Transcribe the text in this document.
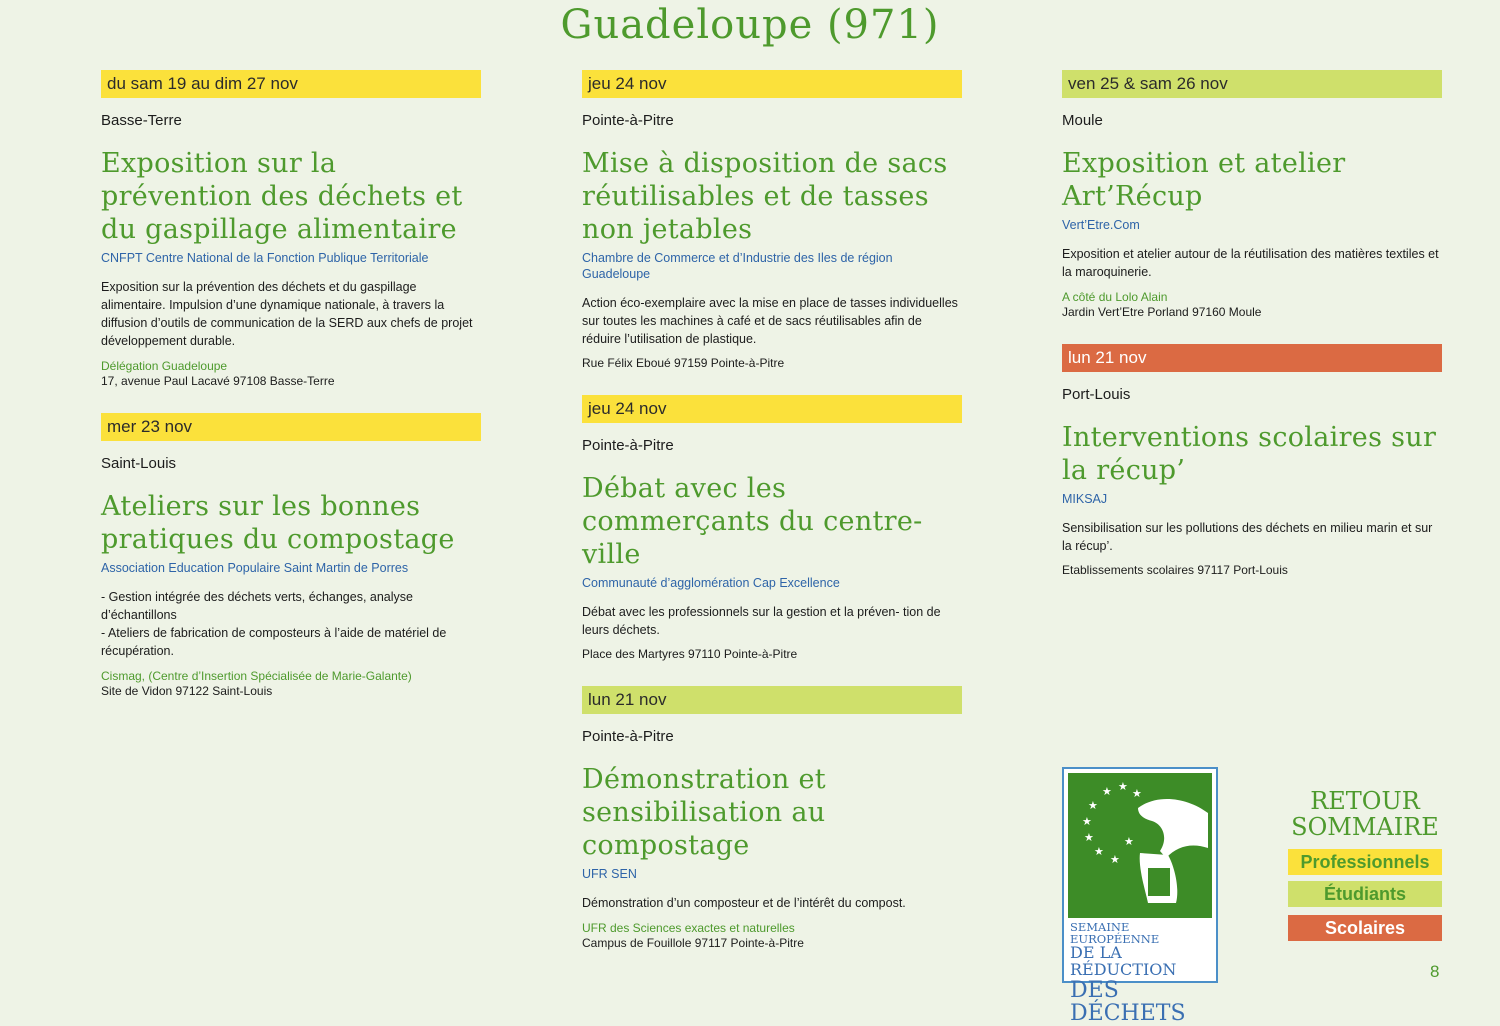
Guadeloupe (971)
du sam 19 au dim 27 nov
Basse-Terre
Exposition sur la prévention des déchets et du gaspillage alimentaire
CNFPT Centre National de la Fonction Publique Territoriale
Exposition sur la prévention des déchets et du gaspillage alimentaire. Impulsion d’une dynamique nationale, à travers la diffusion d’outils de communication de la SERD aux chefs de projet développement durable.
Délégation Guadeloupe
17, avenue Paul Lacavé 97108 Basse-Terre
mer 23 nov
Saint-Louis
Ateliers sur les bonnes pratiques du compostage
Association Education Populaire Saint Martin de Porres
- Gestion intégrée des déchets verts, échanges, analyse d’échantillons
- Ateliers de fabrication de composteurs à l’aide de matériel de récupération.
Cismag, (Centre d’Insertion Spécialisée de Marie-Galante)
Site de Vidon 97122 Saint-Louis
jeu 24 nov
Pointe-à-Pitre
Mise à disposition de sacs réutilisables et de tasses non jetables
Chambre de Commerce et d’Industrie des Iles de région Guadeloupe
Action éco-exemplaire avec la mise en place de tasses individuelles sur toutes les machines à café et de sacs réutilisables afin de réduire l’utilisation de plastique.
Rue Félix Eboué 97159 Pointe-à-Pitre
jeu 24 nov
Pointe-à-Pitre
Débat avec les commerçants du centre-ville
Communauté d’agglomération Cap Excellence
Débat avec les professionnels sur la gestion et la préven- tion de leurs déchets.
Place des Martyres 97110 Pointe-à-Pitre
lun 21 nov
Pointe-à-Pitre
Démonstration et sensibilisation au compostage
UFR SEN
Démonstration d’un composteur et de l’intérêt du compost.
UFR des Sciences exactes et naturelles
Campus de Fouillole 97117 Pointe-à-Pitre
ven 25 & sam 26 nov
Moule
Exposition et atelier Art’Récup
Vert’Etre.Com
Exposition et atelier autour de la réutilisation des matières textiles et la maroquinerie.
A côté du Lolo Alain
Jardin Vert’Etre Porland 97160 Moule
lun 21 nov
Port-Louis
Interventions scolaires sur la récup’
MIKSAJ
Sensibilisation sur les pollutions des déchets en milieu marin et sur la récup’.
Etablissements scolaires 97117 Port-Louis
★ ★
★
★
★
★
★
★
★
SEMAINE EUROPÉENNE
DE LA RÉDUCTION
DES DÉCHETS
RETOUR SOMMAIRE
Professionnels
Étudiants
Scolaires
8
